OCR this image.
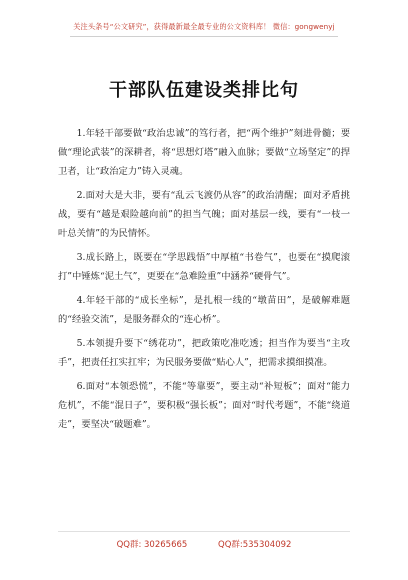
关注头条号“公文研究”，获得最新最全最专业的公文资料库！ 微信：gongwenyj
干部队伍建设类排比句

1.年轻干部要做“政治忠诚”的笃行者，把“两个维护”刻进骨髓；要做“理论武装”的深耕者，将“思想灯塔”融入血脉；要做“立场坚定”的捍卫者，让“政治定力”铸入灵魂。

2.面对大是大非，要有“乱云飞渡仍从容”的政治清醒；面对矛盾挑战，要有“越是艰险越向前”的担当气魄；面对基层一线，要有“一枝一叶总关情”的为民情怀。

3.成长路上，既要在“学思践悟”中厚植“书卷气”，也要在“摸爬滚打”中锤炼“泥土气”，更要在“急难险重”中涵养“硬骨气”。

4.年轻干部的“成长坐标”，是扎根一线的“墩苗田”，是破解难题的“经验交流”，是服务群众的“连心桥”。

5.本领提升要下“绣花功”，把政策吃准吃透；担当作为要当“主攻手”，把责任扛实扛牢；为民服务要做“贴心人”，把需求摸细摸准。

6.面对“本领恐慌”，不能“等靠要”，要主动“补短板”；面对“能力危机”，不能“混日子”，要积极“强长板”；面对“时代考题”，不能“绕道走”，要坚决“破题难”。

QQ群: 30265665	QQ群:535304092
